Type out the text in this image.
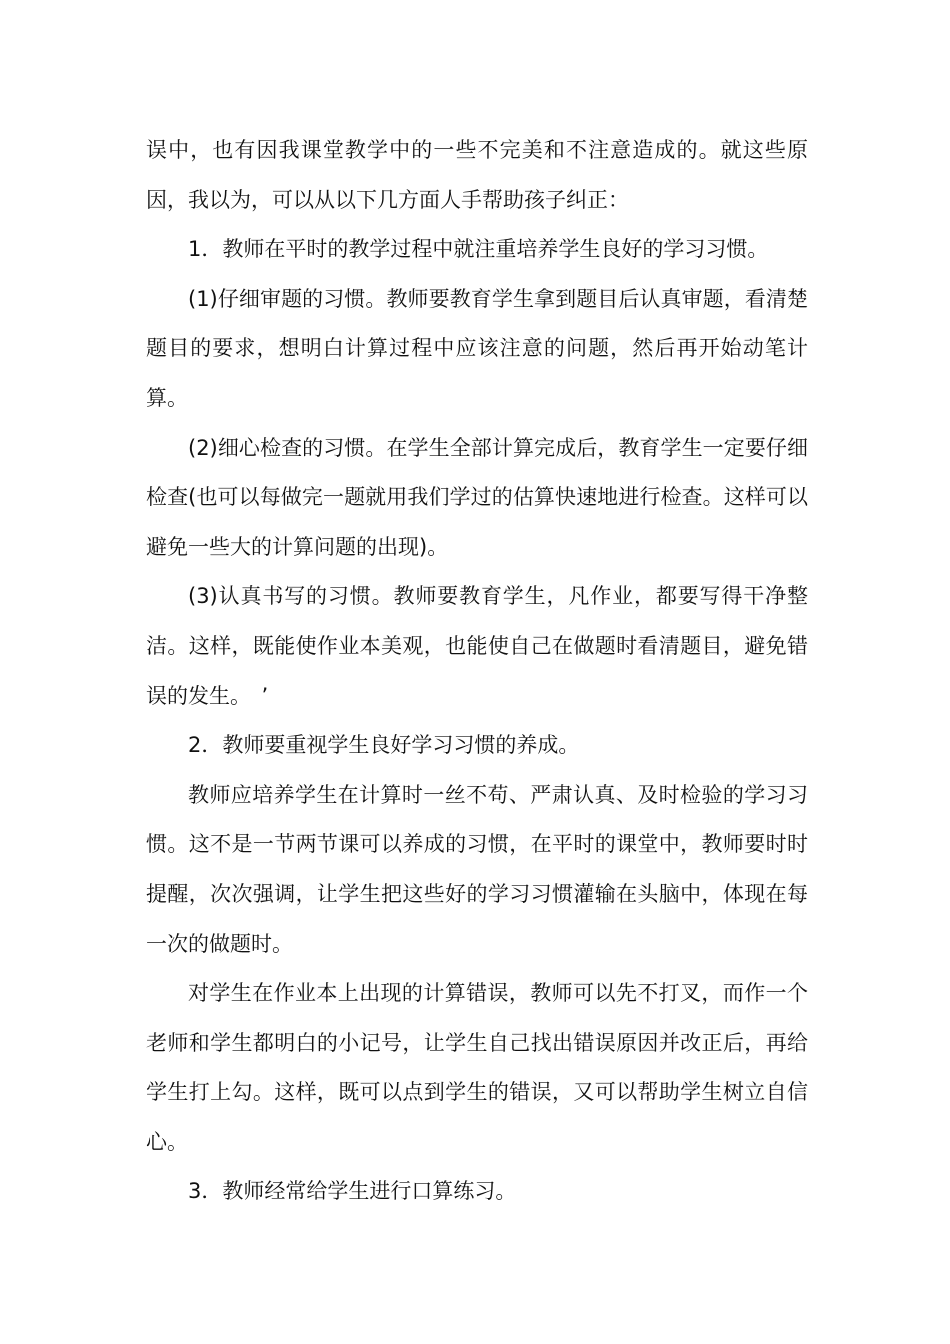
误中，也有因我课堂教学中的一些不完美和不注意造成的。就这些原因，我以为，可以从以下几方面人手帮助孩子纠正：

1．教师在平时的教学过程中就注重培养学生良好的学习习惯。

(1)仔细审题的习惯。教师要教育学生拿到题目后认真审题，看清楚题目的要求，想明白计算过程中应该注意的问题，然后再开始动笔计算。

(2)细心检查的习惯。在学生全部计算完成后，教育学生一定要仔细检查(也可以每做完一题就用我们学过的估算快速地进行检查。这样可以避免一些大的计算问题的出现)。

(3)认真书写的习惯。教师要教育学生，凡作业，都要写得干净整洁。这样，既能使作业本美观，也能使自己在做题时看清题目，避免错误的发生。　’

2．教师要重视学生良好学习习惯的养成。

教师应培养学生在计算时一丝不苟、严肃认真、及时检验的学习习惯。这不是一节两节课可以养成的习惯，在平时的课堂中，教师要时时提醒，次次强调，让学生把这些好的学习习惯灌输在头脑中，体现在每一次的做题时。

对学生在作业本上出现的计算错误，教师可以先不打叉，而作一个老师和学生都明白的小记号，让学生自己找出错误原因并改正后，再给学生打上勾。这样，既可以点到学生的错误，又可以帮助学生树立自信心。

3．教师经常给学生进行口算练习。
